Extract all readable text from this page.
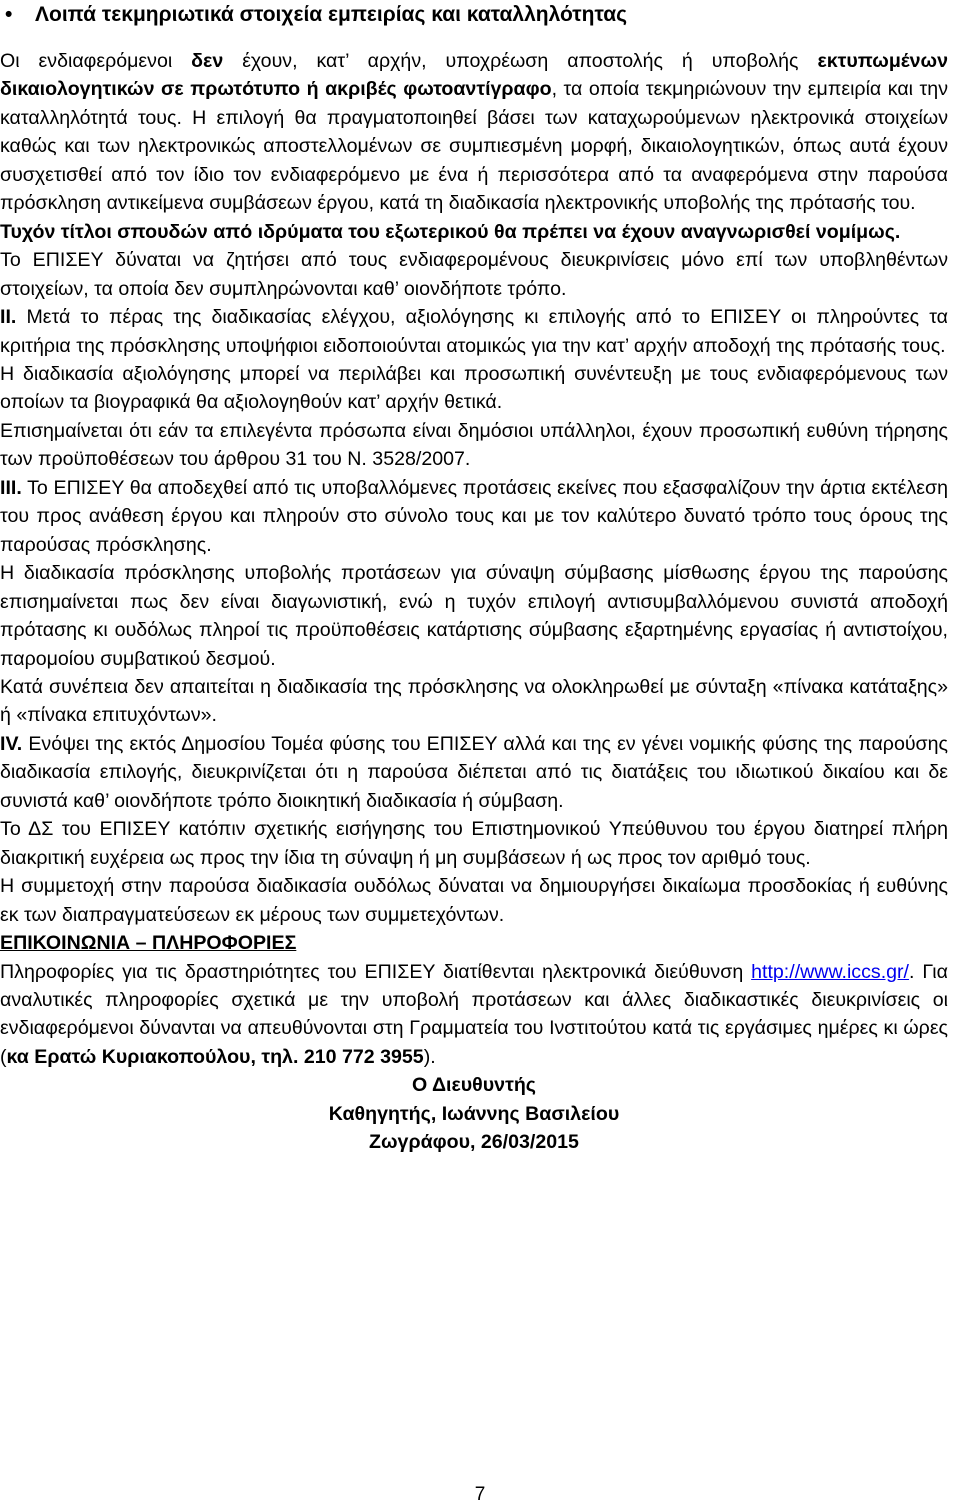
• Λοιπά τεκμηριωτικά στοιχεία εμπειρίας και καταλληλότητας

Οι ενδιαφερόμενοι δεν έχουν, κατ’ αρχήν, υποχρέωση αποστολής ή υποβολής εκτυπωμένων δικαιολογητικών σε πρωτότυπο ή ακριβές φωτοαντίγραφο, τα οποία τεκμηριώνουν την εμπειρία και την καταλληλότητά τους. Η επιλογή θα πραγματοποιηθεί βάσει των καταχωρούμενων ηλεκτρονικά στοιχείων καθώς και των ηλεκτρονικώς αποστελλομένων σε συμπιεσμένη μορφή, δικαιολογητικών, όπως αυτά έχουν συσχετισθεί από τον ίδιο τον ενδιαφερόμενο με ένα ή περισσότερα από τα αναφερόμενα στην παρούσα πρόσκληση αντικείμενα συμβάσεων έργου, κατά τη διαδικασία ηλεκτρονικής υποβολής της πρότασής του.

Τυχόν τίτλοι σπουδών από ιδρύματα του εξωτερικού θα πρέπει να έχουν αναγνωρισθεί νομίμως.

Το ΕΠΙΣΕΥ δύναται να ζητήσει από τους ενδιαφερομένους διευκρινίσεις μόνο επί των υποβληθέντων στοιχείων, τα οποία δεν συμπληρώνονται καθ’ οιονδήποτε τρόπο.

ΙΙ. Μετά το πέρας της διαδικασίας ελέγχου, αξιολόγησης κι επιλογής από το ΕΠΙΣΕΥ οι πληρούντες τα κριτήρια της πρόσκλησης υποψήφιοι ειδοποιούνται ατομικώς για την κατ’ αρχήν αποδοχή της πρότασής τους.

Η διαδικασία αξιολόγησης μπορεί να περιλάβει και προσωπική συνέντευξη με τους ενδιαφερόμενους των οποίων τα βιογραφικά θα αξιολογηθούν κατ’ αρχήν θετικά.

Επισημαίνεται ότι εάν τα επιλεγέντα πρόσωπα είναι δημόσιοι υπάλληλοι, έχουν προσωπική ευθύνη τήρησης των προϋποθέσεων του άρθρου 31 του Ν. 3528/2007.

ΙΙΙ. Το ΕΠΙΣΕΥ θα αποδεχθεί από τις υποβαλλόμενες προτάσεις εκείνες που εξασφαλίζουν την άρτια εκτέλεση του προς ανάθεση έργου και πληρούν στο σύνολο τους και με τον καλύτερο δυνατό τρόπο τους όρους της παρούσας πρόσκλησης.

Η διαδικασία πρόσκλησης υποβολής προτάσεων για σύναψη σύμβασης μίσθωσης έργου της παρούσης επισημαίνεται πως δεν είναι διαγωνιστική, ενώ η τυχόν επιλογή αντισυμβαλλόμενου συνιστά αποδοχή πρότασης κι ουδόλως πληροί τις προϋποθέσεις κατάρτισης σύμβασης εξαρτημένης εργασίας ή αντιστοίχου, παρομοίου συμβατικού δεσμού.

Κατά συνέπεια δεν απαιτείται η διαδικασία της πρόσκλησης να ολοκληρωθεί με σύνταξη «πίνακα κατάταξης» ή «πίνακα επιτυχόντων».

IV. Ενόψει της εκτός Δημοσίου Τομέα φύσης του ΕΠΙΣΕΥ αλλά και της εν γένει νομικής φύσης της παρούσης διαδικασία επιλογής, διευκρινίζεται ότι η παρούσα διέπεται από τις διατάξεις του ιδιωτικού δικαίου και δε συνιστά καθ’ οιονδήποτε τρόπο διοικητική διαδικασία ή σύμβαση.

Το ΔΣ του ΕΠΙΣΕΥ κατόπιν σχετικής εισήγησης του Επιστημονικού Υπεύθυνου του έργου διατηρεί πλήρη διακριτική ευχέρεια ως προς την ίδια τη σύναψη ή μη συμβάσεων ή ως προς τον αριθμό τους.

Η συμμετοχή στην παρούσα διαδικασία ουδόλως δύναται να δημιουργήσει δικαίωμα προσδοκίας ή ευθύνης εκ των διαπραγματεύσεων εκ μέρους των συμμετεχόντων.

ΕΠΙΚΟΙΝΩΝΙΑ – ΠΛΗΡΟΦΟΡΙΕΣ

Πληροφορίες για τις δραστηριότητες του ΕΠΙΣΕΥ διατίθενται ηλεκτρονικά διεύθυνση http://www.iccs.gr/. Για αναλυτικές πληροφορίες σχετικά με την υποβολή προτάσεων και άλλες διαδικαστικές διευκρινίσεις οι ενδιαφερόμενοι δύνανται να απευθύνονται στη Γραμματεία του Ινστιτούτου κατά τις εργάσιμες ημέρες κι ώρες (κα Ερατώ Κυριακοπούλου, τηλ. 210 772 3955).

Ο Διευθυντής

Καθηγητής, Ιωάννης Βασιλείου

Ζωγράφου, 26/03/2015

7
